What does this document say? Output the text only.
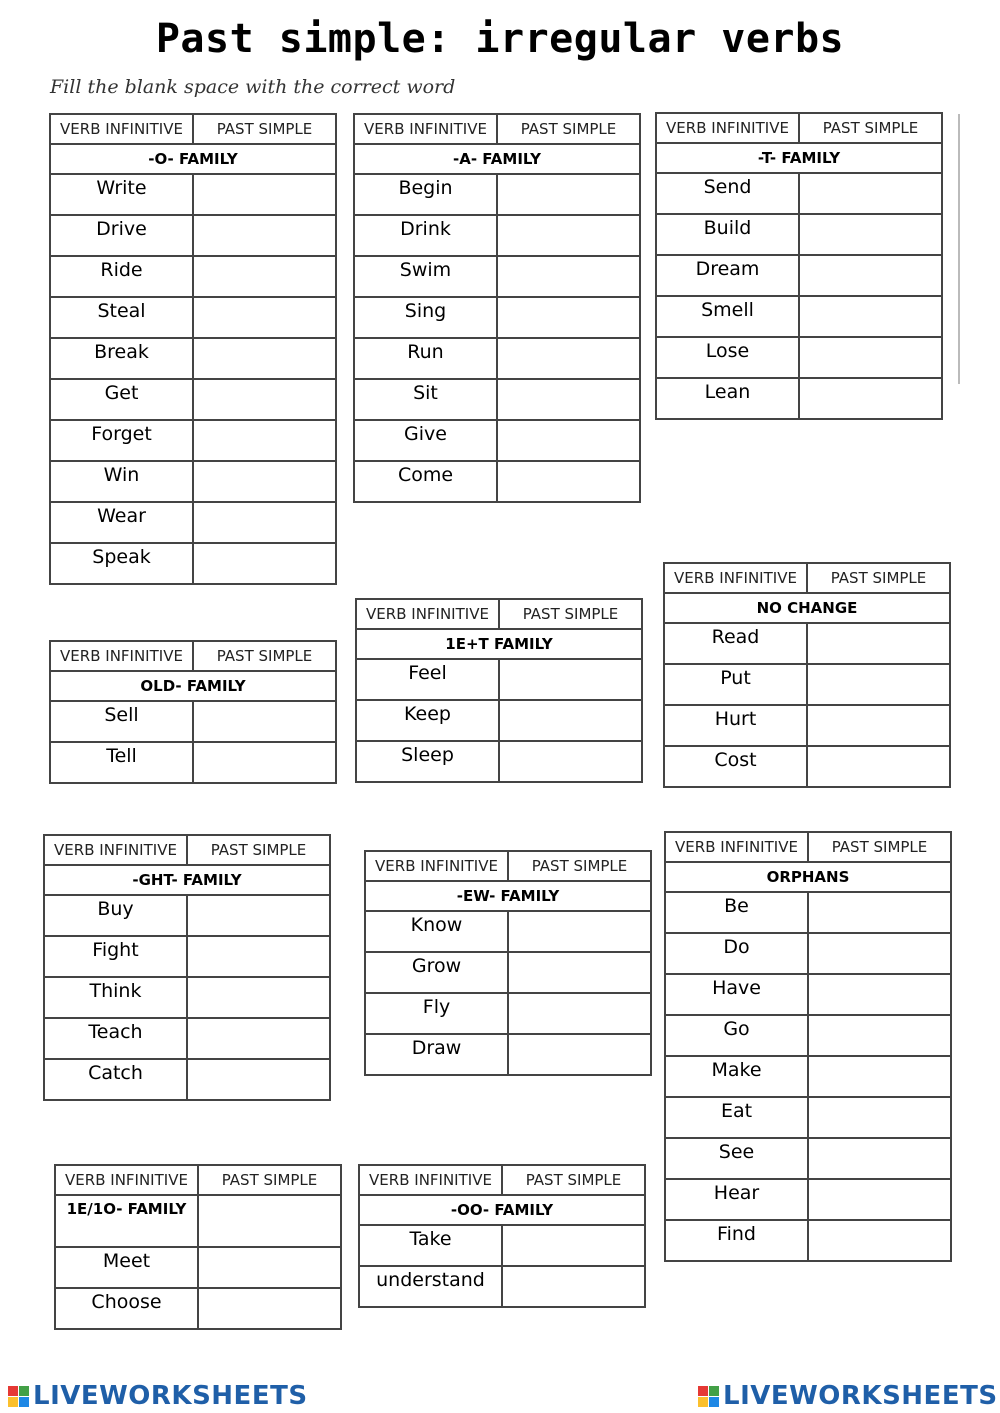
Past simple: irregular verbs
Fill the blank space with the correct word
VERB INFINITIVE	PAST SIMPLE
-O- FAMILY	
Write	
Drive	
Ride	
Steal	
Break	
Get	
Forget	
Win	
Wear	
Speak	
VERB INFINITIVE	PAST SIMPLE
-A- FAMILY	
Begin	
Drink	
Swim	
Sing	
Run	
Sit	
Give	
Come	
VERB INFINITIVE	PAST SIMPLE
-T- FAMILY	
Send	
Build	
Dream	
Smell	
Lose	
Lean	
VERB INFINITIVE	PAST SIMPLE
NO CHANGE	
Read	
Put	
Hurt	
Cost	
VERB INFINITIVE	PAST SIMPLE
1E+T FAMILY	
Feel	
Keep	
Sleep	
VERB INFINITIVE	PAST SIMPLE
OLD- FAMILY	
Sell	
Tell	
VERB INFINITIVE	PAST SIMPLE
-GHT- FAMILY	
Buy	
Fight	
Think	
Teach	
Catch	
VERB INFINITIVE	PAST SIMPLE
-EW- FAMILY	
Know	
Grow	
Fly	
Draw	
VERB INFINITIVE	PAST SIMPLE
ORPHANS	
Be	
Do	
Have	
Go	
Make	
Eat	
See	
Hear	
Find	
VERB INFINITIVE	PAST SIMPLE
1E/1O- FAMILY	
Meet	
Choose	
VERB INFINITIVE	PAST SIMPLE
-OO- FAMILY	
Take	
understand	
LIVEWORKSHEETS	LIVEWORKSHEETS
